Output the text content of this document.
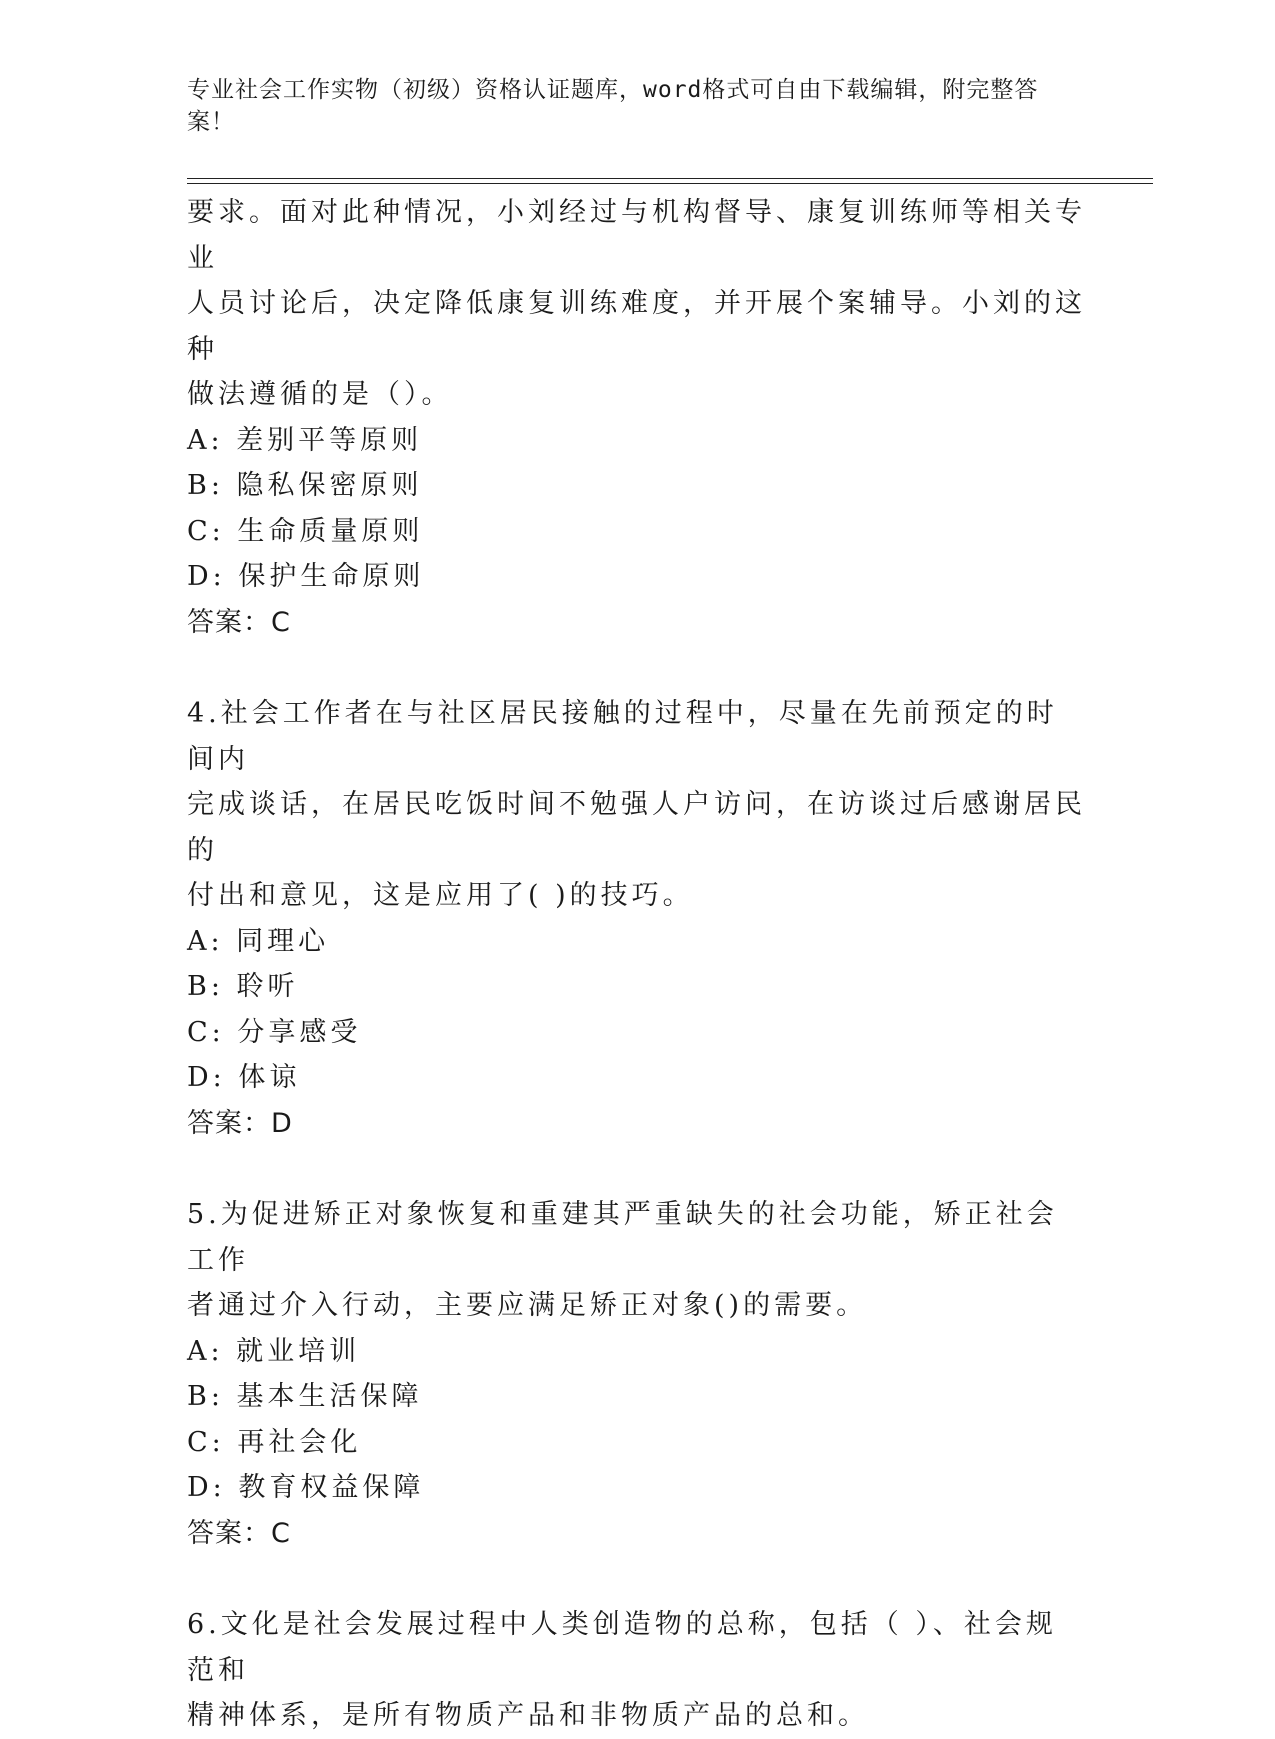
专业社会工作实物（初级）资格认证题库，word格式可自由下载编辑，附完整答
案！

要求。面对此种情况，小刘经过与机构督导、康复训练师等相关专业

人员讨论后，决定降低康复训练难度，并开展个案辅导。小刘的这种

做法遵循的是（）。

A: 差别平等原则

B: 隐私保密原则

C: 生命质量原则

D: 保护生命原则

答案：C

4.社会工作者在与社区居民接触的过程中，尽量在先前预定的时间内

完成谈话，在居民吃饭时间不勉强人户访问，在访谈过后感谢居民的

付出和意见，这是应用了( )的技巧。

A: 同理心

B: 聆听

C: 分享感受

D: 体谅

答案：D

5.为促进矫正对象恢复和重建其严重缺失的社会功能，矫正社会工作

者通过介入行动，主要应满足矫正对象()的需要。

A: 就业培训

B: 基本生活保障

C: 再社会化

D: 教育权益保障

答案：C

6.文化是社会发展过程中人类创造物的总称，包括（ ）、社会规范和

精神体系，是所有物质产品和非物质产品的总和。
